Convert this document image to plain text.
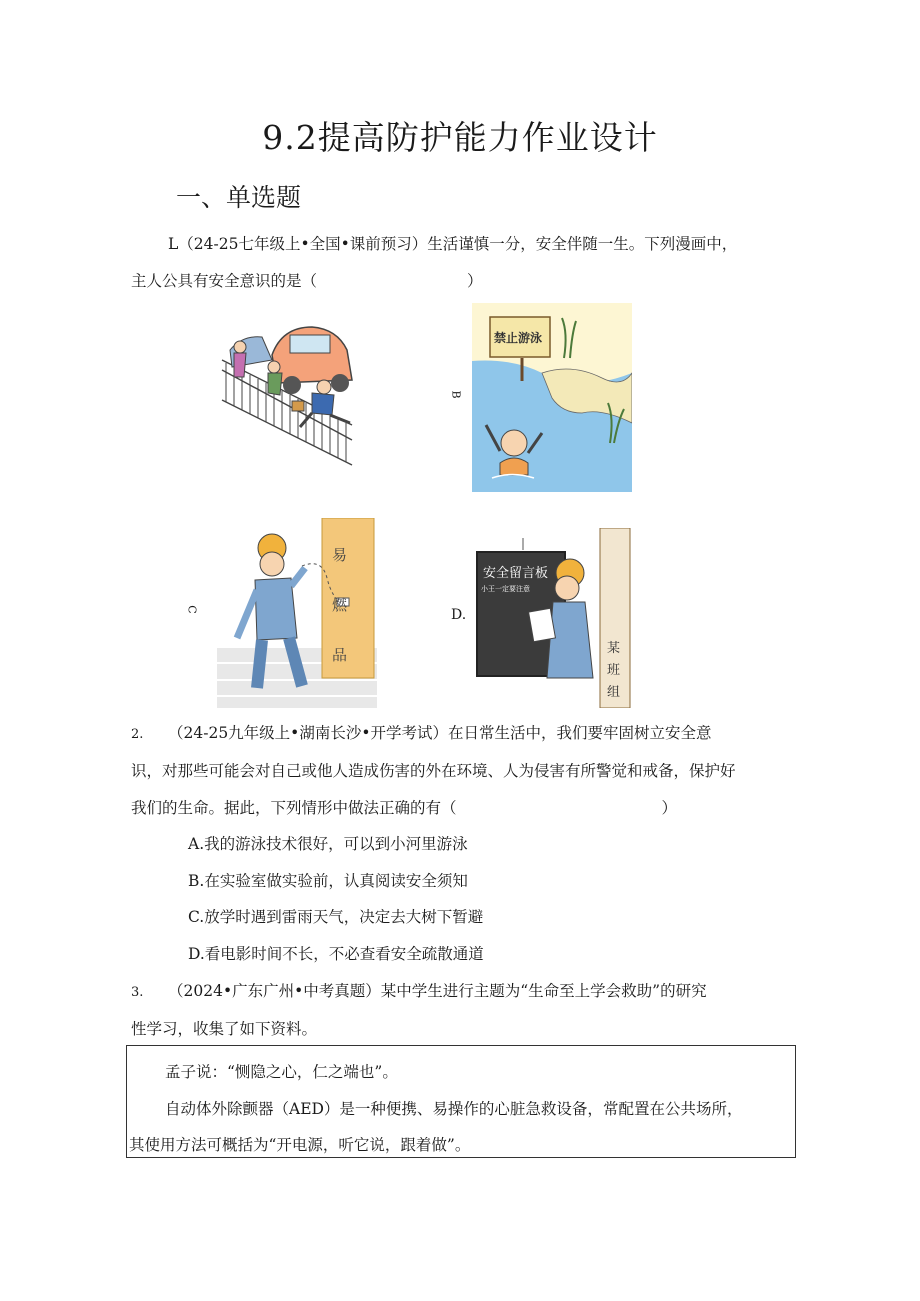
9.2提高防护能力作业设计
一、单选题
L（24-25七年级上•全国•课前预习）生活谨慎一分，安全伴随一生。下列漫画中，
主人公具有安全意识的是（	）
B
禁止游泳
C
易
燃
品
D.
安全留言板
小王一定要注意
某
班
组
2. （24-25九年级上•湖南长沙•开学考试）在日常生活中，我们要牢固树立安全意
识，对那些可能会对自己或他人造成伤害的外在环境、人为侵害有所警觉和戒备，保护好
我们的生命。据此，下列情形中做法正确的有（	）
A.我的游泳技术很好，可以到小河里游泳
B.在实验室做实验前，认真阅读安全须知
C.放学时遇到雷雨天气，决定去大树下暂避
D.看电影时间不长，不必查看安全疏散通道
3. （2024•广东广州•中考真题）某中学生进行主题为“生命至上学会救助”的研究
性学习，收集了如下资料。

孟子说：“恻隐之心，仁之端也”。

自动体外除颤器（AED）是一种便携、易操作的心脏急救设备，常配置在公共场所，

其使用方法可概括为“开电源，听它说，跟着做”。
